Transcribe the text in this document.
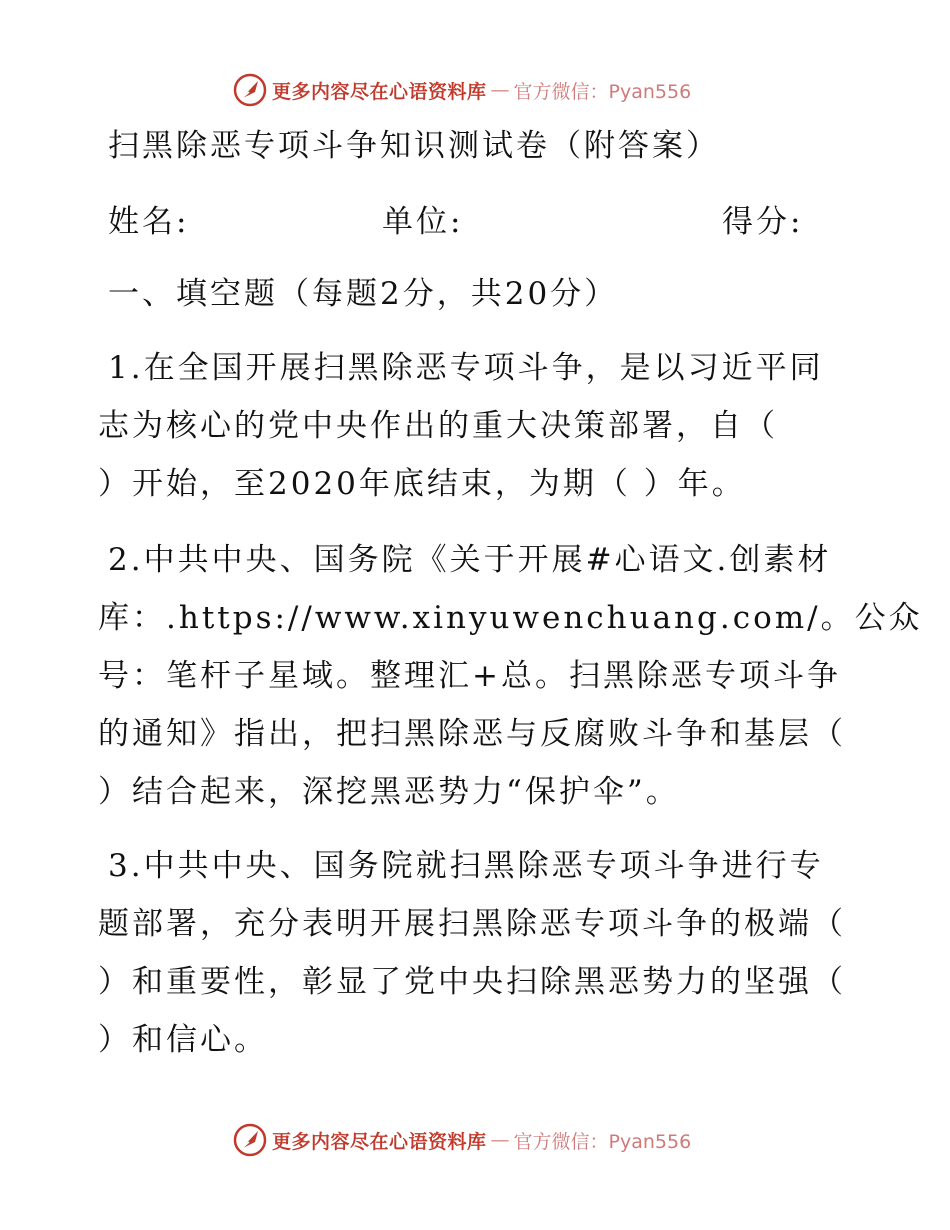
更多内容尽在心语资料库 — 官方微信：Pyan556
扫黑除恶专项斗争知识测试卷（附答案）
姓名:	单位:	得分:
一、填空题（每题2分，共20分）
1.在全国开展扫黑除恶专项斗争，是以习近平同
志为核心的党中央作出的重大决策部署，自（
）开始，至2020年底结束，为期（ ）年。
2.中共中央、国务院《关于开展#心语文.创素材
库：.https://www.xinyuwenchuang.com/。公众
号：笔杆子星域。整理汇+总。扫黑除恶专项斗争
的通知》指出，把扫黑除恶与反腐败斗争和基层（
）结合起来，深挖黑恶势力“保护伞”。
3.中共中央、国务院就扫黑除恶专项斗争进行专
题部署，充分表明开展扫黑除恶专项斗争的极端（
）和重要性，彰显了党中央扫除黑恶势力的坚强（
）和信心。
更多内容尽在心语资料库 — 官方微信：Pyan556
